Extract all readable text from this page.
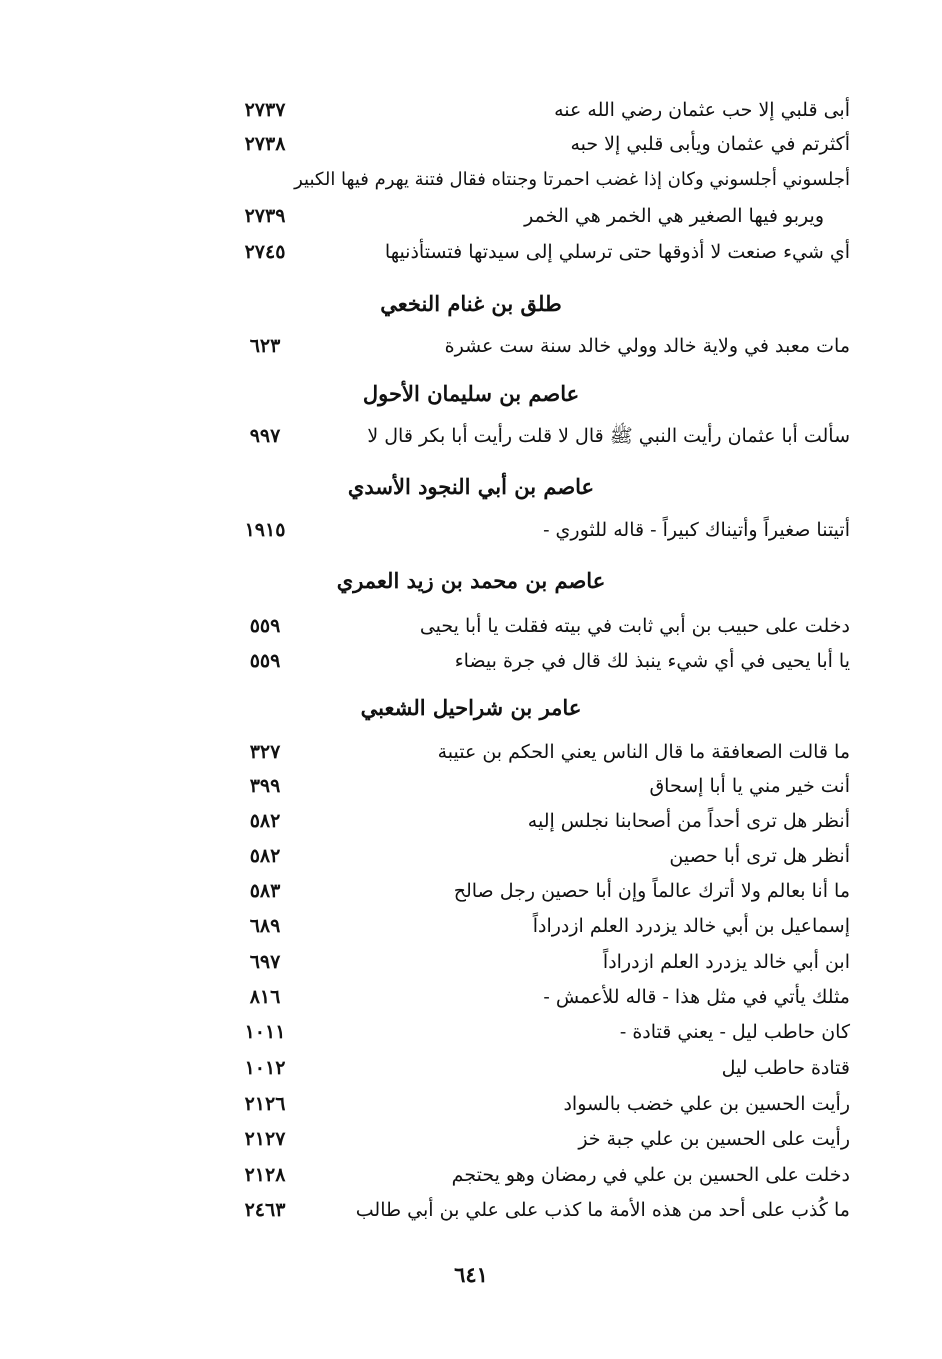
أبى قلبي إلا حب عثمان رضي الله عنه
٢٧٣٧
أكثرتم في عثمان ويأبى قلبي إلا حبه
٢٧٣٨
أجلسوني أجلسوني وكان إذا غضب احمرتا وجنتاه فقال فتنة يهرم فيها الكبير
ويربو فيها الصغير هي الخمر هي الخمر
٢٧٣٩
أي شيء صنعت لا أذوقها حتى ترسلي إلى سيدتها فتستأذنيها
٢٧٤٥
طلق بن غنام النخعي
مات معبد في ولاية خالد وولي خالد سنة ست عشرة
٦٢٣
عاصم بن سليمان الأحول
سألت أبا عثمان رأيت النبي ﷺ قال لا قلت رأيت أبا بكر قال لا
٩٩٧
عاصم بن أبي النجود الأسدي
أتيتنا صغيراً وأتيناك كبيراً - قاله للثوري -
١٩١٥
عاصم بن محمد بن زيد العمري
دخلت على حبيب بن أبي ثابت في بيته فقلت يا أبا يحيى
٥٥٩
يا أبا يحيى في أي شيء ينبذ لك قال في جرة بيضاء
٥٥٩
عامر بن شراحيل الشعبي
ما قالت الصعافقة ما قال الناس يعني الحكم بن عتيبة
٣٢٧
أنت خير مني يا أبا إسحاق
٣٩٩
أنظر هل ترى أحداً من أصحابنا نجلس إليه
٥٨٢
أنظر هل ترى أبا حصين
٥٨٢
ما أنا بعالم ولا أترك عالماً وإن أبا حصين رجل صالح
٥٨٣
إسماعيل بن أبي خالد يزدرد العلم ازدراداً
٦٨٩
ابن أبي خالد يزدرد العلم ازدراداً
٦٩٧
مثلك يأتي في مثل هذا - قاله للأعمش -
٨١٦
كان حاطب ليل - يعني قتادة -
١٠١١
قتادة حاطب ليل
١٠١٢
رأيت الحسين بن علي خضب بالسواد
٢١٢٦
رأيت على الحسين بن علي جبة خز
٢١٢٧
دخلت على الحسين بن علي في رمضان وهو يحتجم
٢١٢٨
ما كُذب على أحد من هذه الأمة ما كذب على علي بن أبي طالب
٢٤٦٣
٦٤١
